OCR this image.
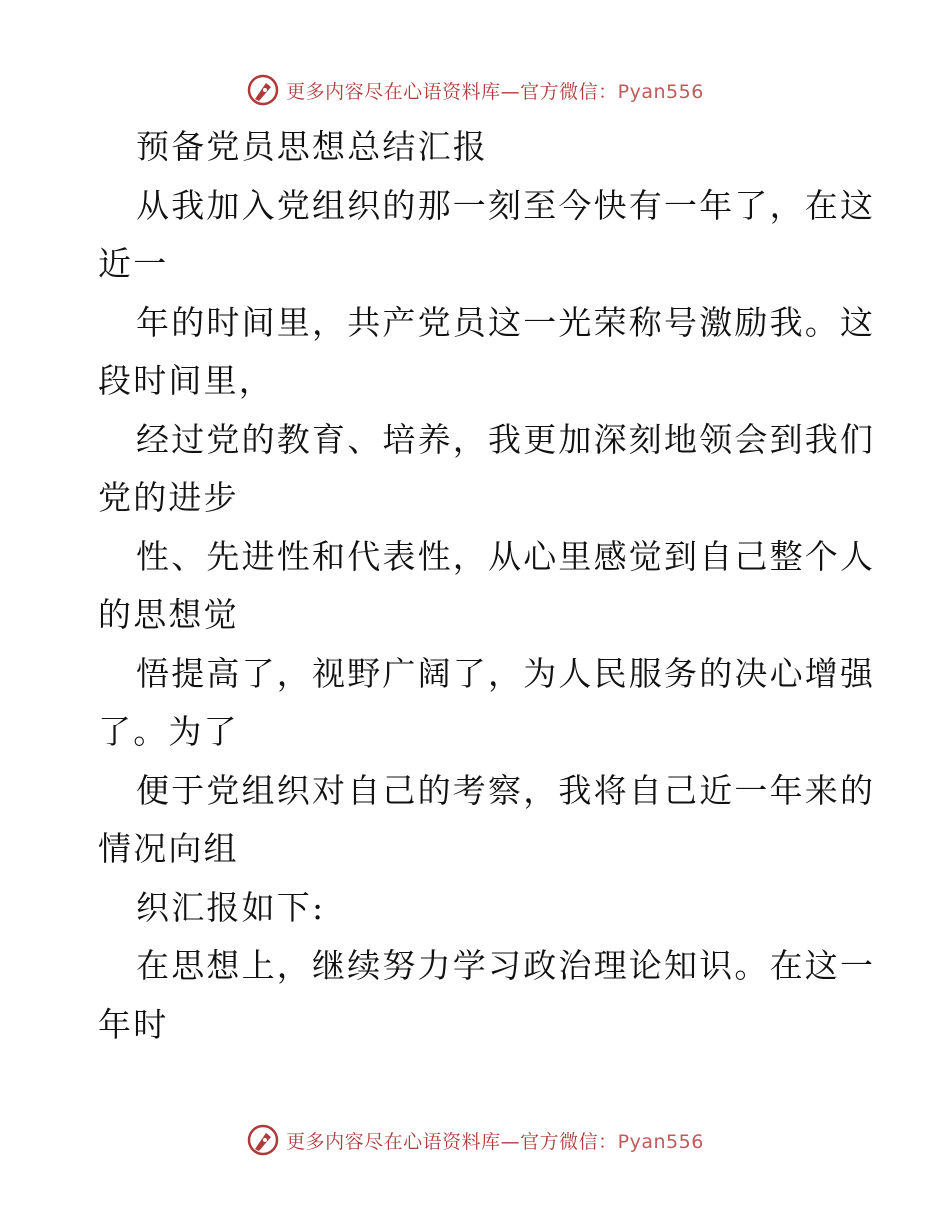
更多内容尽在心语资料库—官方微信：Pyan556
预备党员思想总结汇报
从我加入党组织的那一刻至今快有一年了，在这
近一
年的时间里，共产党员这一光荣称号激励我。这
段时间里，
经过党的教育、培养，我更加深刻地领会到我们
党的进步
性、先进性和代表性，从心里感觉到自己整个人
的思想觉
悟提高了，视野广阔了，为人民服务的决心增强
了。为了
便于党组织对自己的考察，我将自己近一年来的
情况向组
织汇报如下:
在思想上，继续努力学习政治理论知识。在这一
年时
更多内容尽在心语资料库—官方微信：Pyan556
